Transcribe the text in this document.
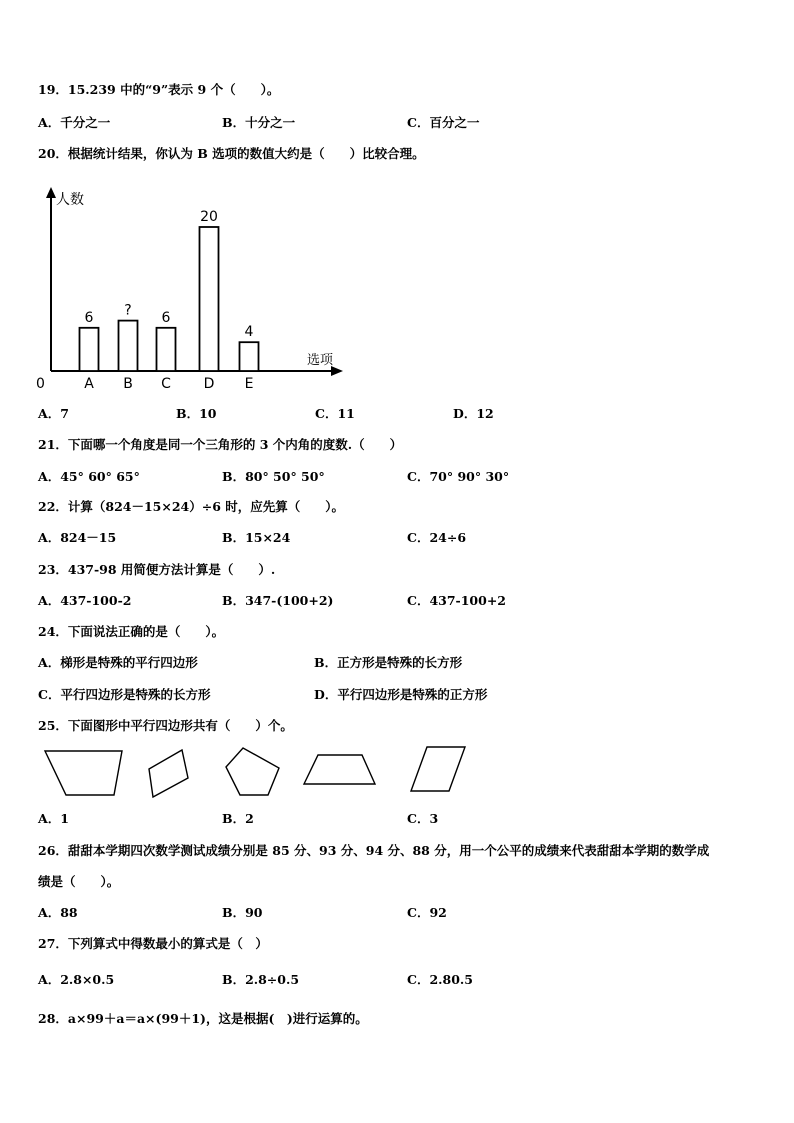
19．15.239 中的“9”表示 9 个（　　）。
A．千分之一	B．十分之一	C．百分之一
20．根据统计结果，你认为 B 选项的数值大约是（　　）比较合理。
人数
选项
0
6
A
?
B
6
C
20
D
4
E
A．7	B．10	C．11	D．12
21．下面哪一个角度是同一个三角形的 3 个内角的度数.（　　）
A．45° 60° 65°	B．80° 50° 50°	C．70° 90° 30°
22．计算（824－15×24）÷6 时，应先算（　　）。
A．824－15	B．15×24	C．24÷6
23．437-98 用简便方法计算是（　　）.
A．437-100-2	B．347-(100+2)	C．437-100+2
24．下面说法正确的是（　　）。
A．梯形是特殊的平行四边形	B．正方形是特殊的长方形
C．平行四边形是特殊的长方形	D．平行四边形是特殊的正方形
25．下面图形中平行四边形共有（　　）个。
A．1	B．2	C．3
26．甜甜本学期四次数学测试成绩分别是 85 分、93 分、94 分、88 分，用一个公平的成绩来代表甜甜本学期的数学成
绩是（　　）。
A．88	B．90	C．92
27．下列算式中得数最小的算式是（　）
A．2.8×0.5	B．2.8÷0.5	C．2.80.5
28．a×99＋a＝a×(99＋1)，这是根据(　)进行运算的。
